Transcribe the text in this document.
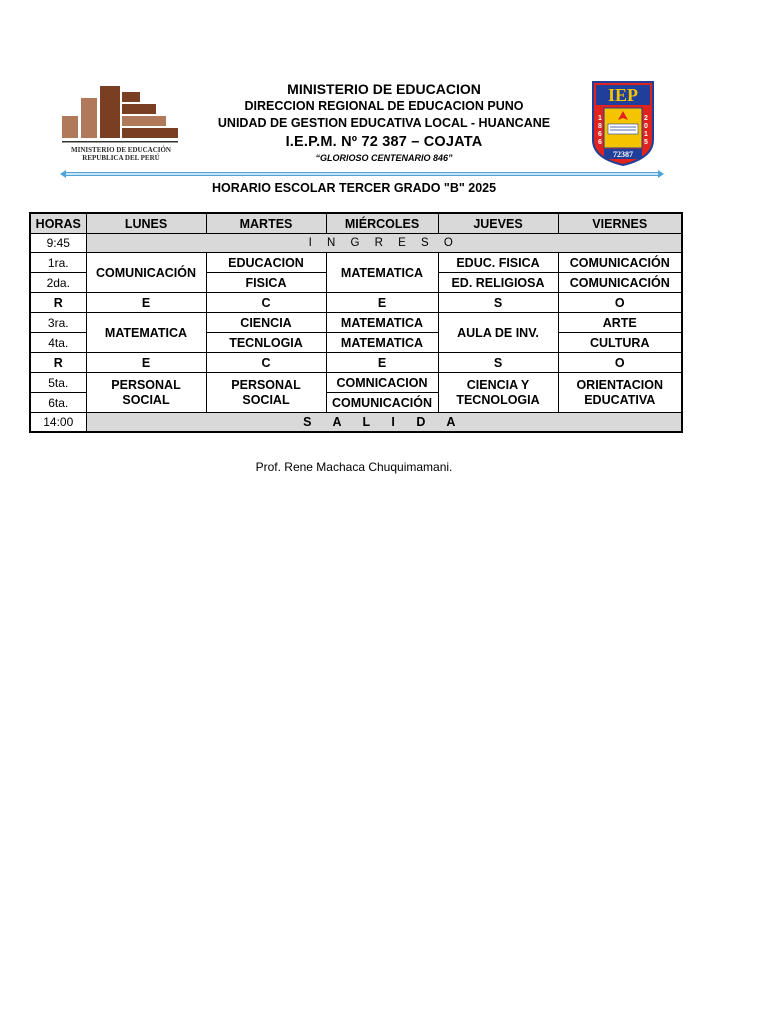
MINISTERIO DE EDUCACIÓN
REPUBLICA DEL PERÚ
MINISTERIO DE EDUCACION
DIRECCION REGIONAL DE EDUCACION PUNO
UNIDAD DE GESTION EDUCATIVA LOCAL - HUANCANE
I.E.P.M. Nº 72 387 – COJATA
“GLORIOSO CENTENARIO 846”
IEP
1
8
6
6
2
0
1
5
72387
HORARIO ESCOLAR TERCER GRADO "B" 2025
HORAS	LUNES	MARTES	MIÉRCOLES	JUEVES	VIERNES
9:45	I N G R E S O				
1ra.	COMUNICACIÓN	EDUCACION	MATEMATICA	EDUC. FISICA	COMUNICACIÓN
2da.		FISICA		ED. RELIGIOSA	COMUNICACIÓN
R	E	C	E	S	O
3ra.	MATEMATICA	CIENCIA	MATEMATICA	AULA DE INV.	ARTE
4ta.		TECNLOGIA	MATEMATICA		CULTURA
R	E	C	E	S	O
5ta.	PERSONAL SOCIAL	PERSONAL SOCIAL	COMNICACION	CIENCIA Y TECNOLOGIA	ORIENTACION EDUCATIVA
6ta.			COMUNICACIÓN		
14:00	S A L I D A				
Prof. Rene Machaca Chuquimamani.
